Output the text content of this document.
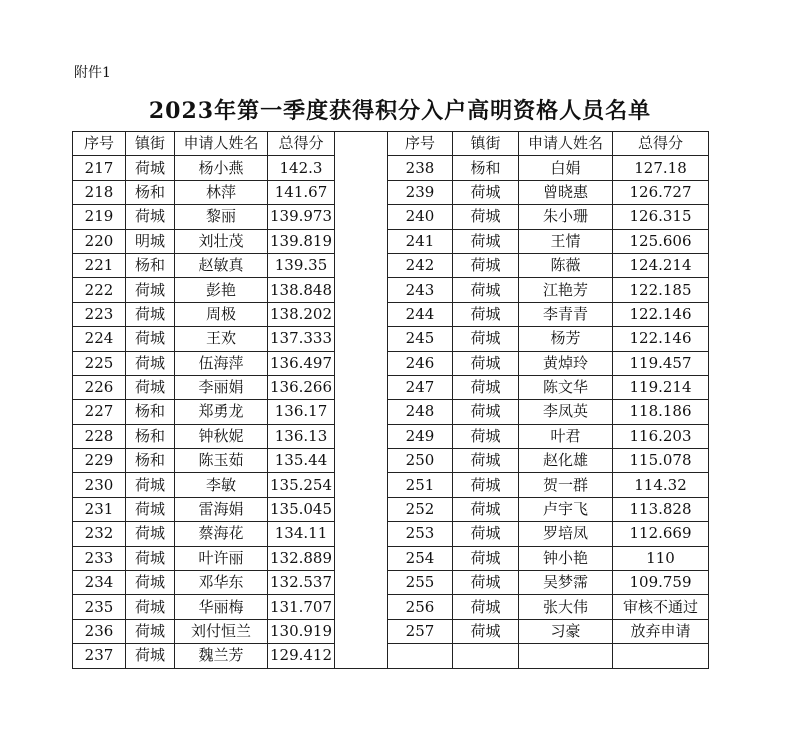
附件1
2023年第一季度获得积分入户高明资格人员名单
序号	镇街	申请人姓名	总得分	
217	荷城	杨小燕	142.3	
218	杨和	林萍	141.67	
219	荷城	黎丽	139.973	
220	明城	刘壮茂	139.819	
221	杨和	赵敏真	139.35	
222	荷城	彭艳	138.848	
223	荷城	周极	138.202	
224	荷城	王欢	137.333	
225	荷城	伍海萍	136.497	
226	荷城	李丽娟	136.266	
227	杨和	郑勇龙	136.17	
228	杨和	钟秋妮	136.13	
229	杨和	陈玉茹	135.44	
230	荷城	李敏	135.254	
231	荷城	雷海娟	135.045	
232	荷城	蔡海花	134.11	
233	荷城	叶许丽	132.889	
234	荷城	邓华东	132.537	
235	荷城	华丽梅	131.707	
236	荷城	刘付恒兰	130.919	
237	荷城	魏兰芳	129.412	
序号	镇街	申请人姓名	总得分
238	杨和	白娟	127.18
239	荷城	曾晓惠	126.727
240	荷城	朱小珊	126.315
241	荷城	王情	125.606
242	荷城	陈薇	124.214
243	荷城	江艳芳	122.185
244	荷城	李青青	122.146
245	荷城	杨芳	122.146
246	荷城	黄焯玲	119.457
247	荷城	陈文华	119.214
248	荷城	李凤英	118.186
249	荷城	叶君	116.203
250	荷城	赵化雄	115.078
251	荷城	贺一群	114.32
252	荷城	卢宇飞	113.828
253	荷城	罗培凤	112.669
254	荷城	钟小艳	110
255	荷城	吴梦霈	109.759
256	荷城	张大伟	审核不通过
257	荷城	习豪	放弃申请
